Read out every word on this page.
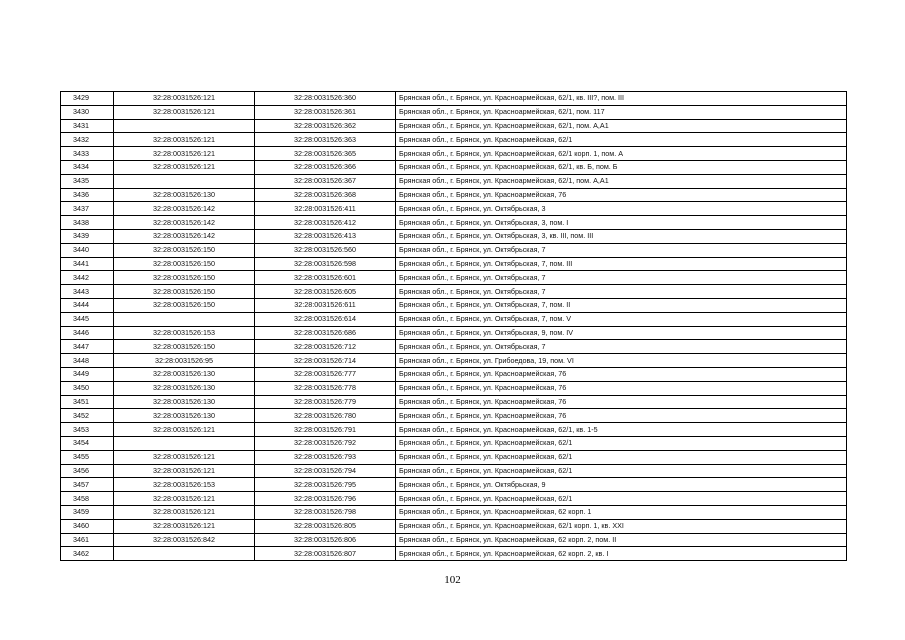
3429	32:28:0031526:121	32:28:0031526:360	Брянская обл., г. Брянск, ул. Красноармейская, 62/1, кв. III?, пом. III
3430	32:28:0031526:121	32:28:0031526:361	Брянская обл., г. Брянск, ул. Красноармейская, 62/1, пом. 117
3431		32:28:0031526:362	Брянская обл., г. Брянск, ул. Красноармейская, 62/1, пом. А,А1
3432	32:28:0031526:121	32:28:0031526:363	Брянская обл., г. Брянск, ул. Красноармейская, 62/1
3433	32:28:0031526:121	32:28:0031526:365	Брянская обл., г. Брянск, ул. Красноармейская, 62/1 корп. 1, пом. А
3434	32:28:0031526:121	32:28:0031526:366	Брянская обл., г. Брянск, ул. Красноармейская, 62/1, кв. Б, пом. Б
3435		32:28:0031526:367	Брянская обл., г. Брянск, ул. Красноармейская, 62/1, пом. А,А1
3436	32:28:0031526:130	32:28:0031526:368	Брянская обл., г. Брянск, ул. Красноармейская, 76
3437	32:28:0031526:142	32:28:0031526:411	Брянская обл., г. Брянск, ул. Октябрьская, 3
3438	32:28:0031526:142	32:28:0031526:412	Брянская обл., г. Брянск, ул. Октябрьская, 3, пом. I
3439	32:28:0031526:142	32:28:0031526:413	Брянская обл., г. Брянск, ул. Октябрьская, 3, кв. III, пом. III
3440	32:28:0031526:150	32:28:0031526:560	Брянская обл., г. Брянск, ул. Октябрьская, 7
3441	32:28:0031526:150	32:28:0031526:598	Брянская обл., г. Брянск, ул. Октябрьская, 7, пом. III
3442	32:28:0031526:150	32:28:0031526:601	Брянская обл., г. Брянск, ул. Октябрьская, 7
3443	32:28:0031526:150	32:28:0031526:605	Брянская обл., г. Брянск, ул. Октябрьская, 7
3444	32:28:0031526:150	32:28:0031526:611	Брянская обл., г. Брянск, ул. Октябрьская, 7, пом. II
3445		32:28:0031526:614	Брянская обл., г. Брянск, ул. Октябрьская, 7, пом. V
3446	32:28:0031526:153	32:28:0031526:686	Брянская обл., г. Брянск, ул. Октябрьская, 9, пом. IV
3447	32:28:0031526:150	32:28:0031526:712	Брянская обл., г. Брянск, ул. Октябрьская, 7
3448	32:28:0031526:95	32:28:0031526:714	Брянская обл., г. Брянск, ул. Грибоедова, 19, пом. VI
3449	32:28:0031526:130	32:28:0031526:777	Брянская обл., г. Брянск, ул. Красноармейская, 76
3450	32:28:0031526:130	32:28:0031526:778	Брянская обл., г. Брянск, ул. Красноармейская, 76
3451	32:28:0031526:130	32:28:0031526:779	Брянская обл., г. Брянск, ул. Красноармейская, 76
3452	32:28:0031526:130	32:28:0031526:780	Брянская обл., г. Брянск, ул. Красноармейская, 76
3453	32:28:0031526:121	32:28:0031526:791	Брянская обл., г. Брянск, ул. Красноармейская, 62/1, кв. 1-5
3454		32:28:0031526:792	Брянская обл., г. Брянск, ул. Красноармейская, 62/1
3455	32:28:0031526:121	32:28:0031526:793	Брянская обл., г. Брянск, ул. Красноармейская, 62/1
3456	32:28:0031526:121	32:28:0031526:794	Брянская обл., г. Брянск, ул. Красноармейская, 62/1
3457	32:28:0031526:153	32:28:0031526:795	Брянская обл., г. Брянск, ул. Октябрьская, 9
3458	32:28:0031526:121	32:28:0031526:796	Брянская обл., г. Брянск, ул. Красноармейская, 62/1
3459	32:28:0031526:121	32:28:0031526:798	Брянская обл., г. Брянск, ул. Красноармейская, 62 корп. 1
3460	32:28:0031526:121	32:28:0031526:805	Брянская обл., г. Брянск, ул. Красноармейская, 62/1 корп. 1, кв. XXI
3461	32:28:0031526:842	32:28:0031526:806	Брянская обл., г. Брянск, ул. Красноармейская, 62 корп. 2, пом. II
3462		32:28:0031526:807	Брянская обл., г. Брянск, ул. Красноармейская, 62 корп. 2, кв. I
102
